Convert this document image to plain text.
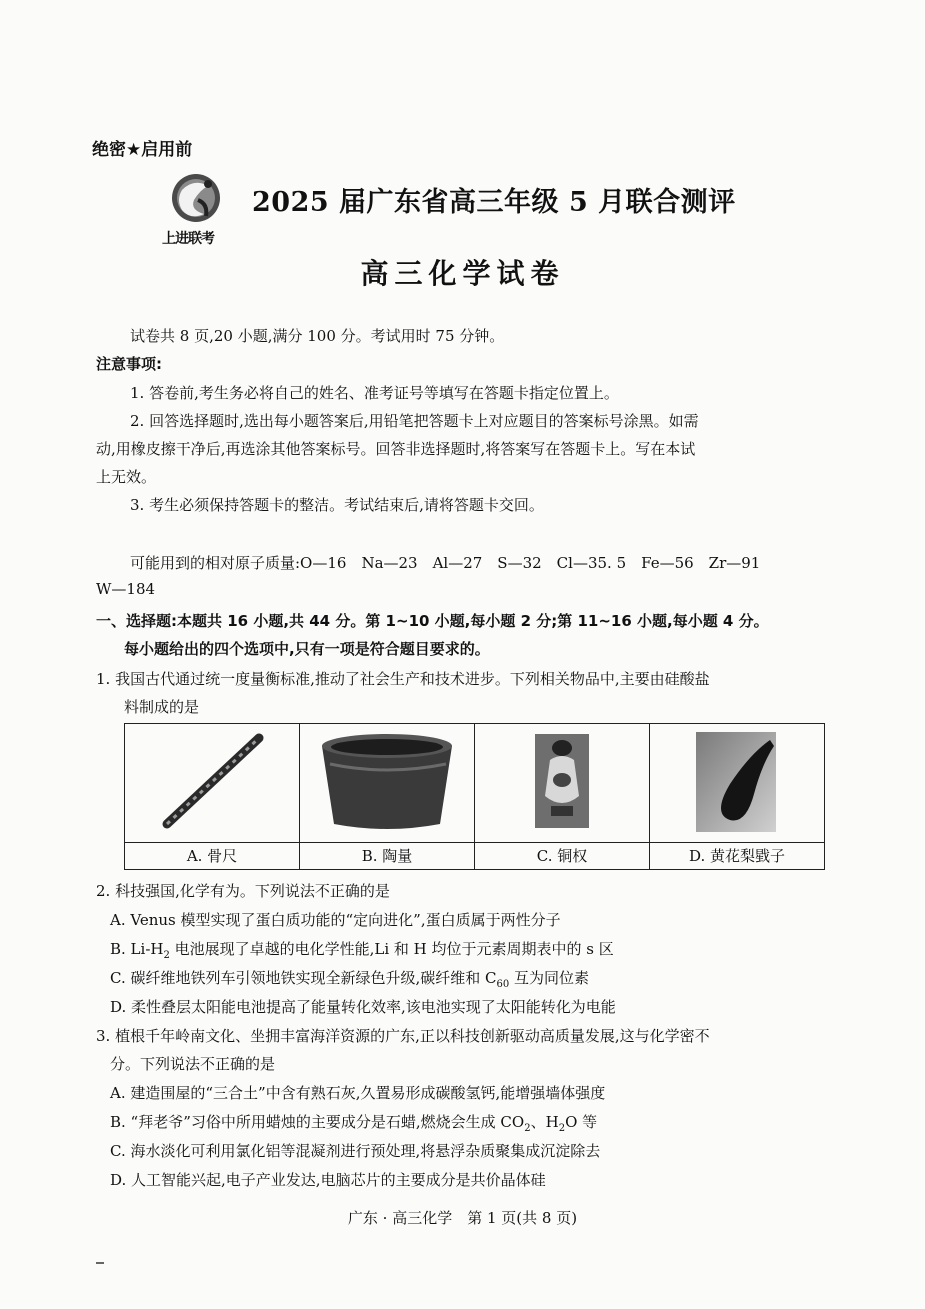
绝密★启用前
上进联考
2025 届广东省高三年级 5 月联合测评
高三化学试卷
试卷共 8 页,20 小题,满分 100 分。考试用时 75 分钟。
注意事项:
1. 答卷前,考生务必将自己的姓名、准考证号等填写在答题卡指定位置上。
2. 回答选择题时,选出每小题答案后,用铅笔把答题卡上对应题目的答案标号涂黑。如需
动,用橡皮擦干净后,再选涂其他答案标号。回答非选择题时,将答案写在答题卡上。写在本试
上无效。
3. 考生必须保持答题卡的整洁。考试结束后,请将答题卡交回。
可能用到的相对原子质量:O—16　Na—23　Al—27　S—32　Cl—35. 5　Fe—56　Zr—91
W—184
一、选择题:本题共 16 小题,共 44 分。第 1~10 小题,每小题 2 分;第 11~16 小题,每小题 4 分。
每小题给出的四个选项中,只有一项是符合题目要求的。
1. 我国古代通过统一度量衡标准,推动了社会生产和技术进步。下列相关物品中,主要由硅酸盐
料制成的是
A. 骨尺	B. 陶量	C. 铜权	D. 黄花梨戥子
2. 科技强国,化学有为。下列说法不正确的是
A. Venus 模型实现了蛋白质功能的“定向进化”,蛋白质属于两性分子
B. $Li-H_2$ 电池展现了卓越的电化学性能,Li 和 H 均位于元素周期表中的 s 区
C. 碳纤维地铁列车引领地铁实现全新绿色升级,碳纤维和 $C_{60}$ 互为同位素
D. 柔性叠层太阳能电池提高了能量转化效率,该电池实现了太阳能转化为电能
3. 植根千年岭南文化、坐拥丰富海洋资源的广东,正以科技创新驱动高质量发展,这与化学密不
分。下列说法不正确的是
A. 建造围屋的“三合土”中含有熟石灰,久置易形成碳酸氢钙,能增强墙体强度
B. “拜老爷”习俗中所用蜡烛的主要成分是石蜡,燃烧会生成 $CO_2$、$H_2O$ 等
C. 海水淡化可利用氯化铝等混凝剂进行预处理,将悬浮杂质聚集成沉淀除去
D. 人工智能兴起,电子产业发达,电脑芯片的主要成分是共价晶体硅
广东 · 高三化学　第 1 页(共 8 页)
